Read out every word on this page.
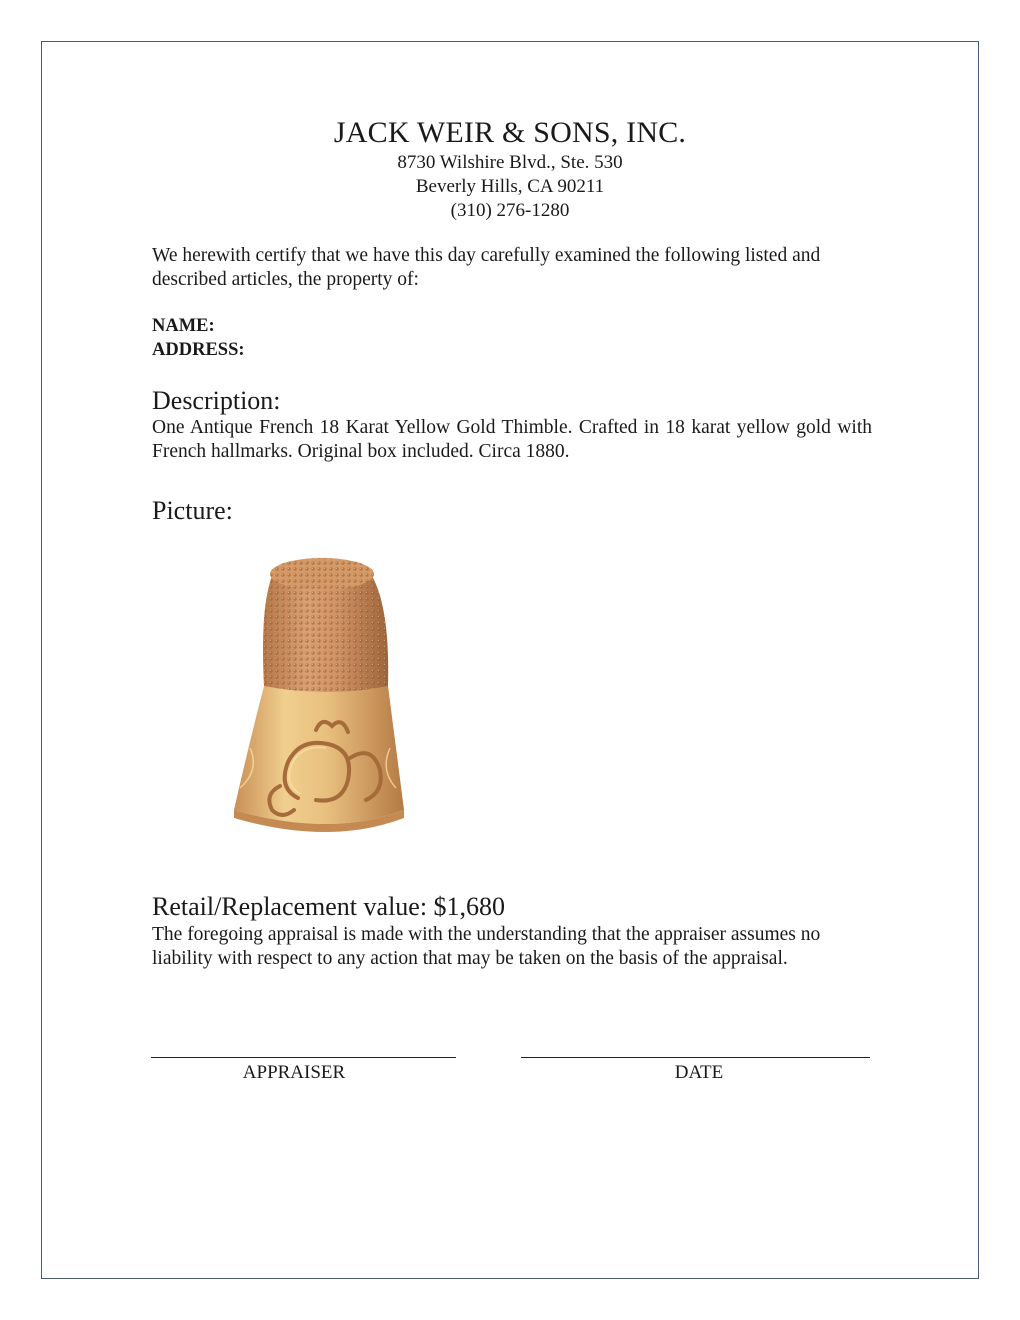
JACK WEIR & SONS, INC.
8730 Wilshire Blvd., Ste. 530
Beverly Hills, CA 90211
(310) 276-1280
We herewith certify that we have this day carefully examined the following listed and described articles, the property of:
NAME:
ADDRESS:
Description:
One Antique French 18 Karat Yellow Gold Thimble. Crafted in 18 karat yellow gold with French hallmarks. Original box included. Circa 1880.
Picture:
Retail/Replacement value: $1,680
The foregoing appraisal is made with the understanding that the appraiser assumes no liability with respect to any action that may be taken on the basis of the appraisal.
APPRAISER	DATE
